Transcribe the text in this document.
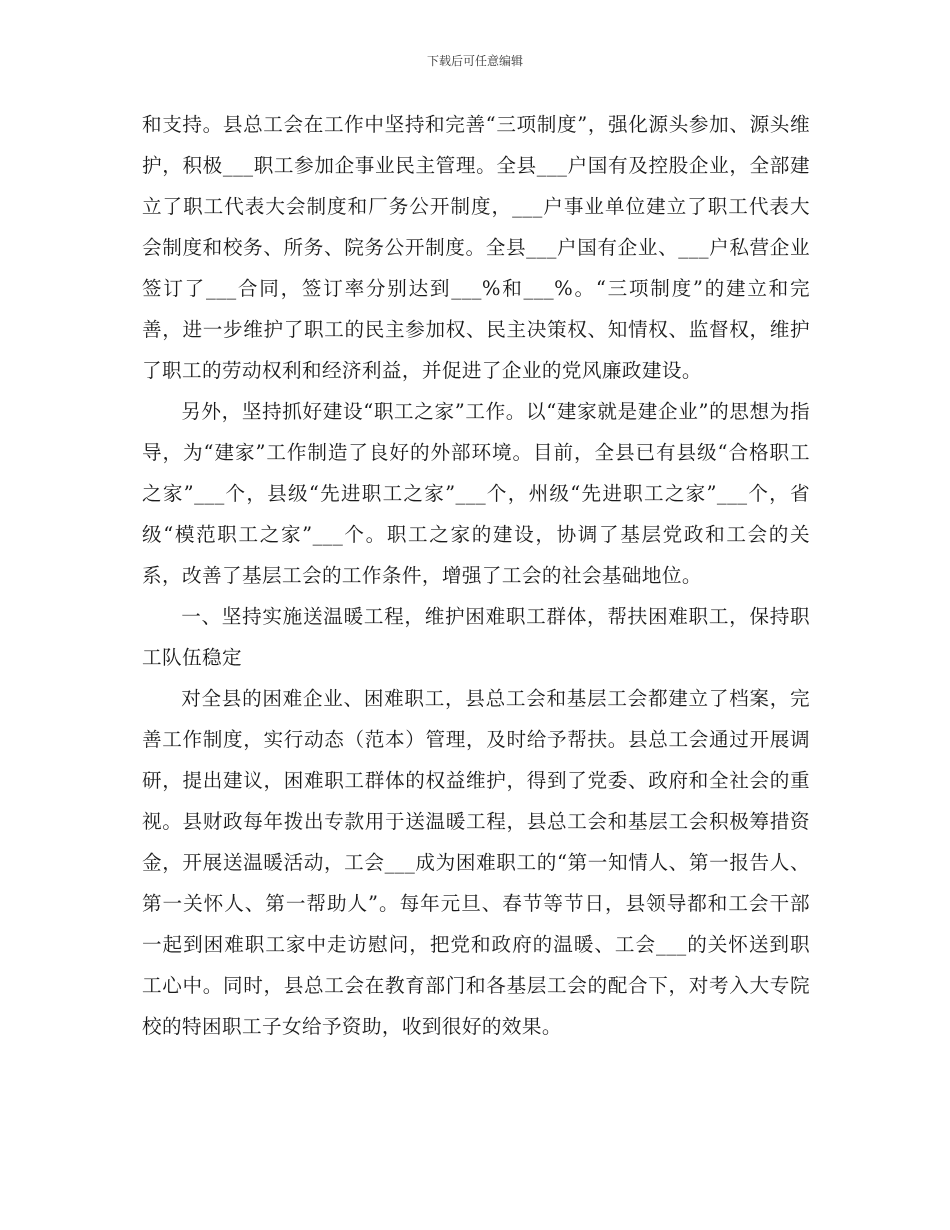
下载后可任意编辑

和支持。县总工会在工作中坚持和完善“三项制度”，强化源头参加、源头维护，积极___职工参加企事业民主管理。全县___户国有及控股企业，全部建立了职工代表大会制度和厂务公开制度，___户事业单位建立了职工代表大会制度和校务、所务、院务公开制度。全县___户国有企业、___户私营企业签订了___合同，签订率分别达到___%和___%。“三项制度”的建立和完善，进一步维护了职工的民主参加权、民主决策权、知情权、监督权，维护了职工的劳动权利和经济利益，并促进了企业的党风廉政建设。

另外，坚持抓好建设“职工之家”工作。以“建家就是建企业”的思想为指导，为“建家”工作制造了良好的外部环境。目前，全县已有县级“合格职工之家”___个，县级“先进职工之家”___个，州级“先进职工之家”___个，省级“模范职工之家”___个。职工之家的建设，协调了基层党政和工会的关系，改善了基层工会的工作条件，增强了工会的社会基础地位。

一、坚持实施送温暖工程，维护困难职工群体，帮扶困难职工，保持职工队伍稳定

对全县的困难企业、困难职工，县总工会和基层工会都建立了档案，完善工作制度，实行动态（范本）管理，及时给予帮扶。县总工会通过开展调研，提出建议，困难职工群体的权益维护，得到了党委、政府和全社会的重视。县财政每年拨出专款用于送温暖工程，县总工会和基层工会积极筹措资金，开展送温暖活动，工会___成为困难职工的“第一知情人、第一报告人、第一关怀人、第一帮助人”。每年元旦、春节等节日，县领导都和工会干部一起到困难职工家中走访慰问，把党和政府的温暖、工会___的关怀送到职工心中。同时，县总工会在教育部门和各基层工会的配合下，对考入大专院校的特困职工子女给予资助，收到很好的效果。
